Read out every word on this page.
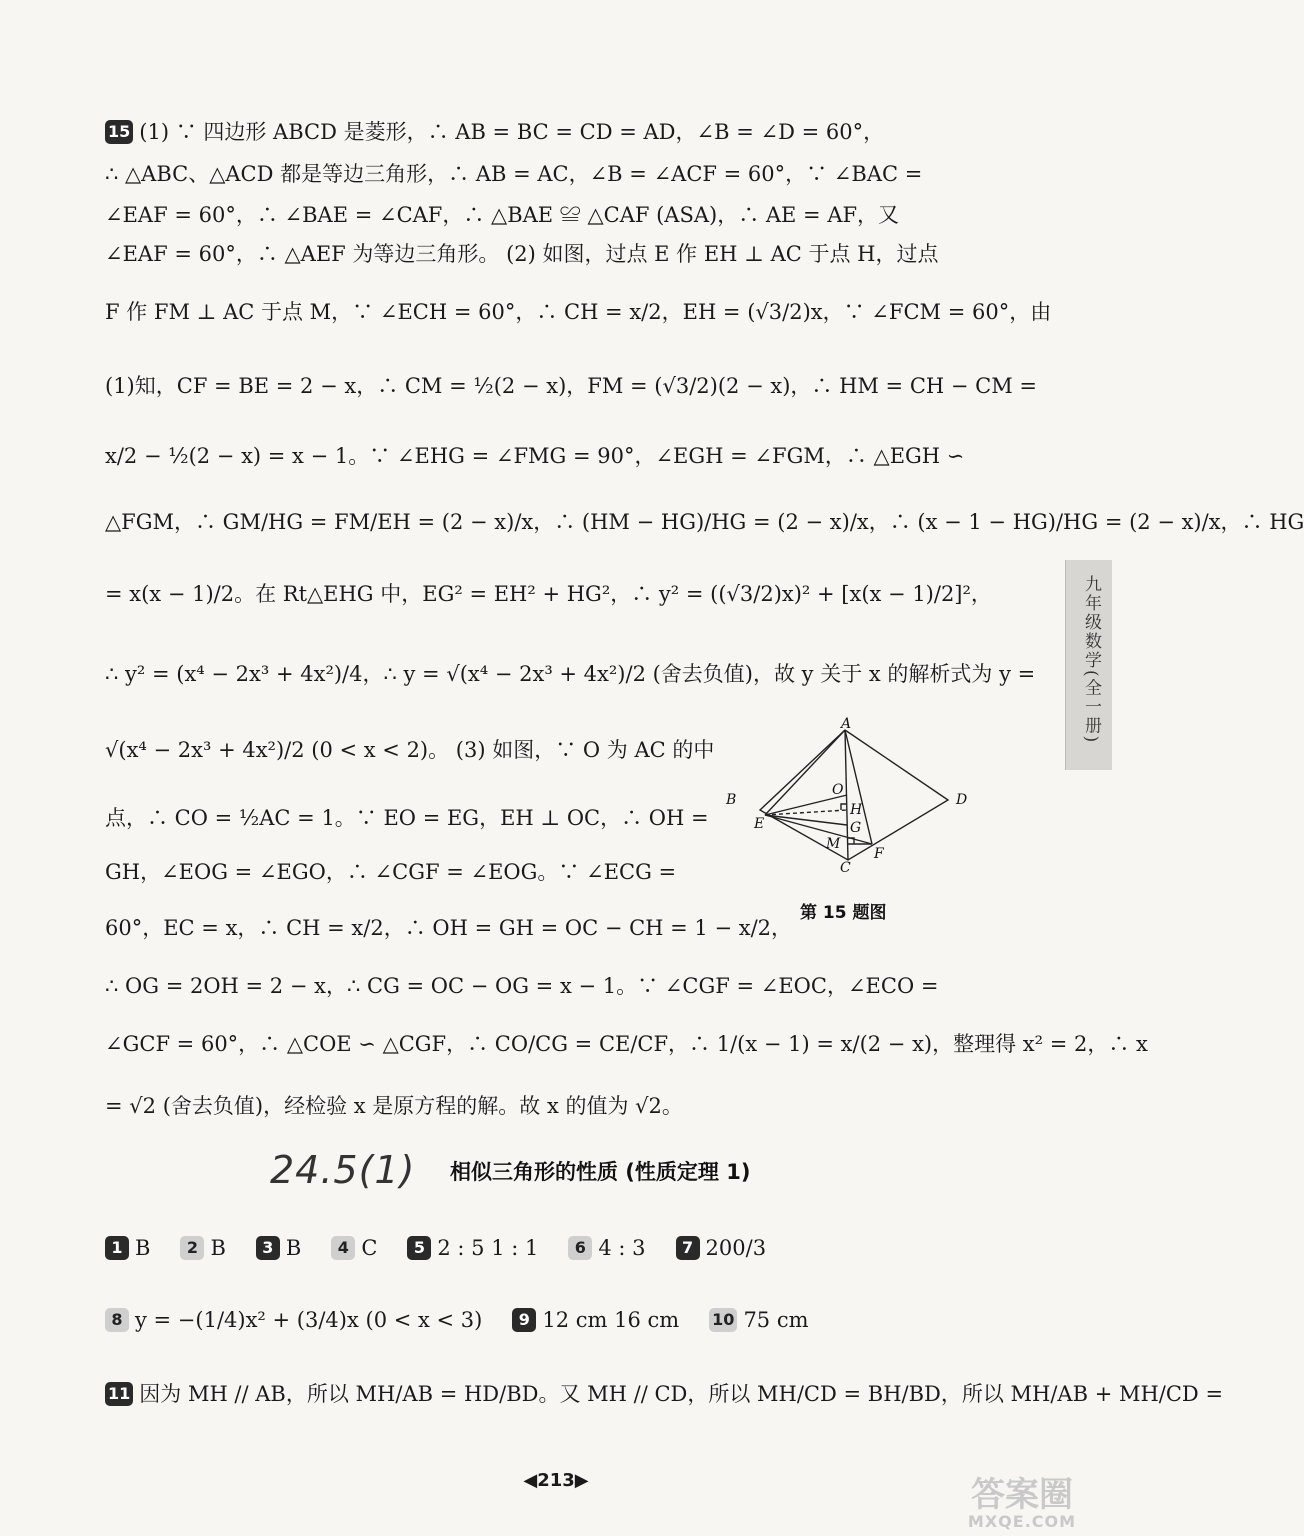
15 (1) ∵ 四边形 ABCD 是菱形，∴ AB = BC = CD = AD，∠B = ∠D = 60°，
∴ △ABC、△ACD 都是等边三角形，∴ AB = AC，∠B = ∠ACF = 60°，∵ ∠BAC =
∠EAF = 60°，∴ ∠BAE = ∠CAF，∴ △BAE ≌ △CAF (ASA)，∴ AE = AF，又
∠EAF = 60°，∴ △AEF 为等边三角形。 (2) 如图，过点 E 作 EH ⊥ AC 于点 H，过点
F 作 FM ⊥ AC 于点 M，∵ ∠ECH = 60°，∴ CH = x/2，EH = (√3/2)x，∵ ∠FCM = 60°，由
(1)知，CF = BE = 2 − x，∴ CM = ½(2 − x)，FM = (√3/2)(2 − x)，∴ HM = CH − CM =
x/2 − ½(2 − x) = x − 1。∵ ∠EHG = ∠FMG = 90°，∠EGH = ∠FGM，∴ △EGH ∽
△FGM，∴ GM/HG = FM/EH = (2 − x)/x，∴ (HM − HG)/HG = (2 − x)/x，∴ (x − 1 − HG)/HG = (2 − x)/x，∴ HG
= x(x − 1)/2。在 Rt△EHG 中，EG² = EH² + HG²，∴ y² = ((√3/2)x)² + [x(x − 1)/2]²，
∴ y² = (x⁴ − 2x³ + 4x²)/4，∴ y = √(x⁴ − 2x³ + 4x²)/2 (舍去负值)，故 y 关于 x 的解析式为 y =
√(x⁴ − 2x³ + 4x²)/2 (0 < x < 2)。 (3) 如图，∵ O 为 AC 的中
点，∴ CO = ½AC = 1。∵ EO = EG，EH ⊥ OC，∴ OH =
GH，∠EOG = ∠EGO，∴ ∠CGF = ∠EOG。∵ ∠ECG =
60°，EC = x，∴ CH = x/2，∴ OH = GH = OC − CH = 1 − x/2，
∴ OG = 2OH = 2 − x，∴ CG = OC − OG = x − 1。∵ ∠CGF = ∠EOC，∠ECO =
∠GCF = 60°，∴ △COE ∽ △CGF，∴ CO/CG = CE/CF，∴ 1/(x − 1) = x/(2 − x)，整理得 x² = 2，∴ x
= √2 (舍去负值)，经检验 x 是原方程的解。故 x 的值为 √2。
A
B
C
D
E
F
G
H
M
O
第 15 题图
24.5(1) 相似三角形的性质 (性质定理 1)
1 B 2 B 3 B 4 C 5 2 : 5 1 : 1 6 4 : 3 7 200/3
8 y = −(1/4)x² + (3/4)x (0 < x < 3) 9 12 cm 16 cm 10 75 cm
11 因为 MH // AB，所以 MH/AB = HD/BD。又 MH // CD，所以 MH/CD = BH/BD，所以 MH/AB + MH/CD =
九年级数学(全一册)
◀213▶	答案圈
MXQE.COM
